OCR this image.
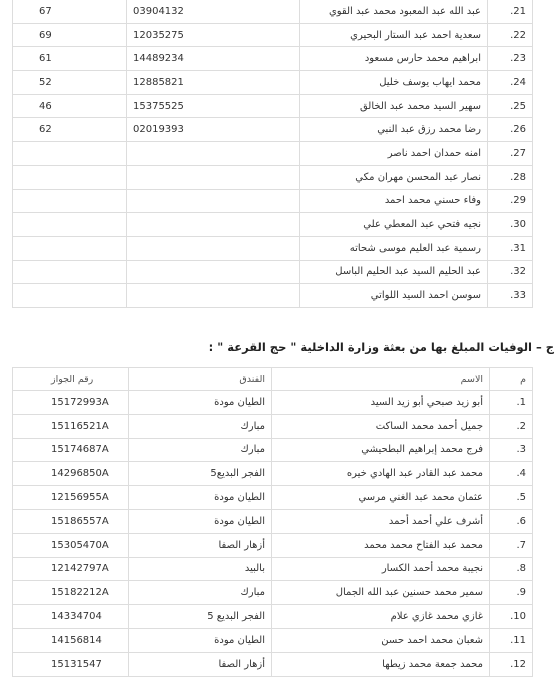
21.	عبد الله عبد المعبود محمد عبد القوي	03904132	67
22.	سعدية احمد عبد الستار البحيري	12035275	69
23.	ابراهيم محمد حارس مسعود	14489234	61
24.	محمد ايهاب يوسف خليل	12885821	52
25.	سهير السيد محمد عبد الخالق	15375525	46
26.	رضا محمد رزق عبد النبي	02019393	62
27.	امنه حمدان احمد ناصر		
28.	نصار عبد المحسن مهران مكي		
29.	وفاء حسني محمد احمد		
30.	نجيه فتحي عبد المعطي علي		
31.	رسمية عبد العليم موسى شحاته		
32.	عبد الحليم السيد عبد الحليم الباسل		
33.	سوسن احمد السيد اللواتي		
ج – الوفيات المبلغ بها من بعثة وزارة الداخلية " حج القرعة " :
م	الاسم	الفندق	رقم الجواز
1.	أبو زيد صبحي أبو زيد السيد	الطيان مودة	15172993A
2.	جميل أحمد محمد الساكت	مبارك	15116521A
3.	فرج محمد إبراهيم البطحيشي	مبارك	15174687A
4.	محمد عبد القادر عبد الهادي خيره	الفجر البديع5	14296850A
5.	عثمان محمد عبد الغني مرسي	الطيان مودة	12156955A
6.	أشرف علي أحمد أحمد	الطيان مودة	15186557A
7.	محمد عبد الفتاح محمد محمد	أزهار الصفا	15305470A
8.	نجيبة محمد أحمد الكسار	بالبيد	12142797A
9.	سمير محمد حسنين عبد الله الجمال	مبارك	15182212A
10.	غازي محمد غازي علام	الفجر البديع 5	14334704
11.	شعبان محمد احمد حسن	الطيان مودة	14156814
12.	محمد جمعة محمد زيطها	أزهار الصفا	15131547
